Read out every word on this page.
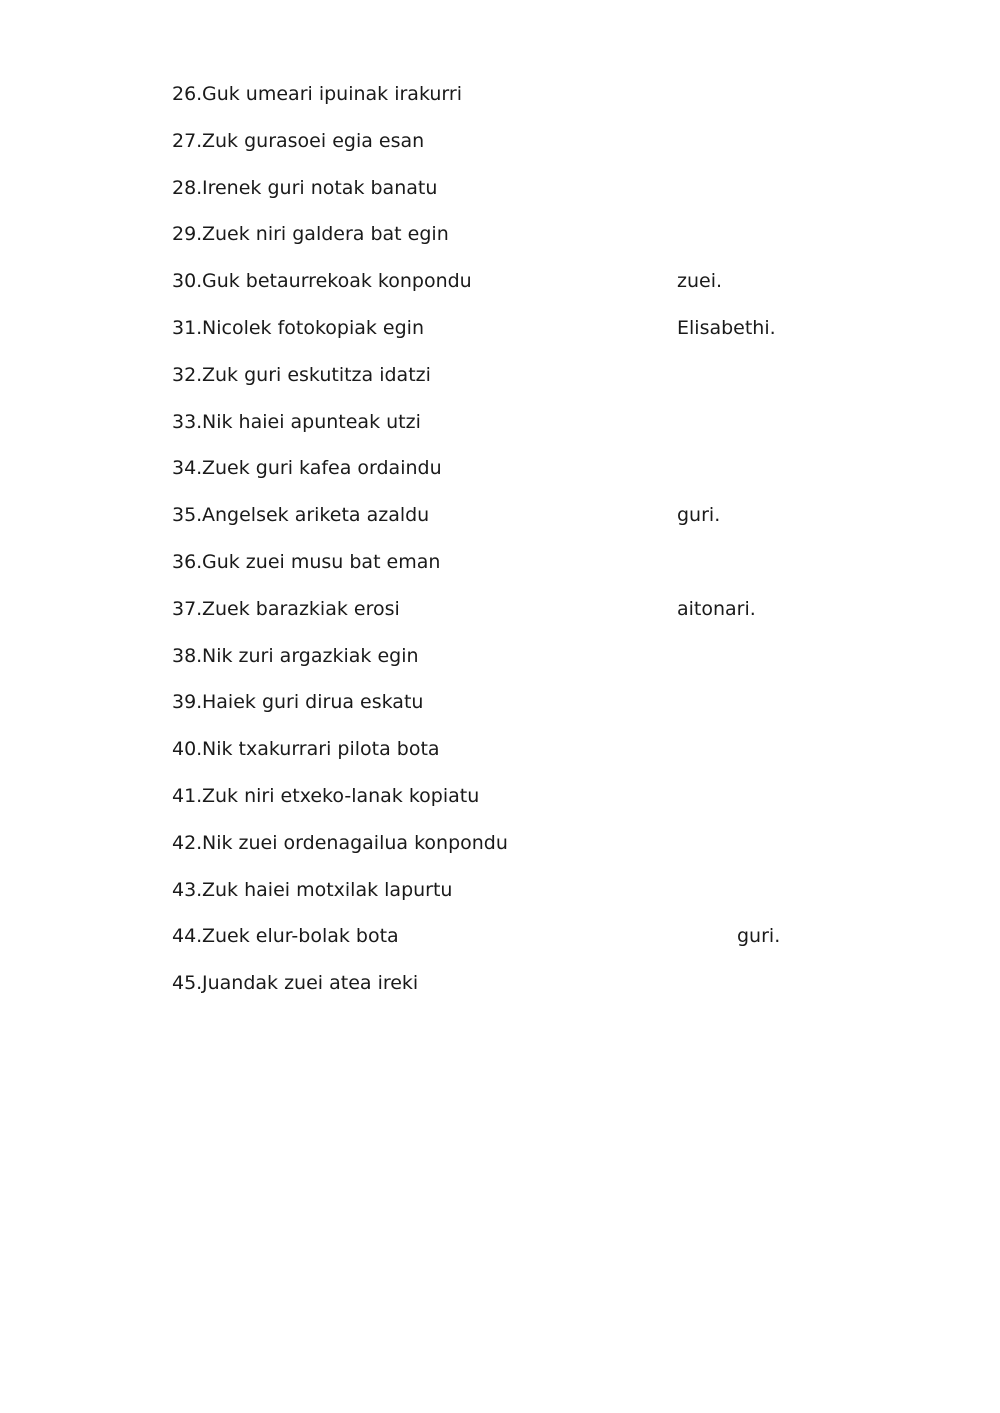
26. Guk umeari ipuinak irakurri
27. Zuk gurasoei egia esan
28. Irenek guri notak banatu
29. Zuek niri galdera bat egin
30. Guk betaurrekoak konpondu	zuei.
31. Nicolek fotokopiak egin	Elisabethi.
32. Zuk guri eskutitza idatzi
33. Nik haiei apunteak utzi
34. Zuek guri kafea ordaindu
35. Angelsek ariketa azaldu	guri.
36. Guk zuei musu bat eman
37. Zuek barazkiak erosi	aitonari.
38. Nik zuri argazkiak egin
39. Haiek guri dirua eskatu
40. Nik txakurrari pilota bota
41. Zuk niri etxeko-lanak kopiatu
42. Nik zuei ordenagailua konpondu
43. Zuk haiei motxilak lapurtu
44. Zuek elur-bolak bota	guri.
45. Juandak zuei atea ireki
